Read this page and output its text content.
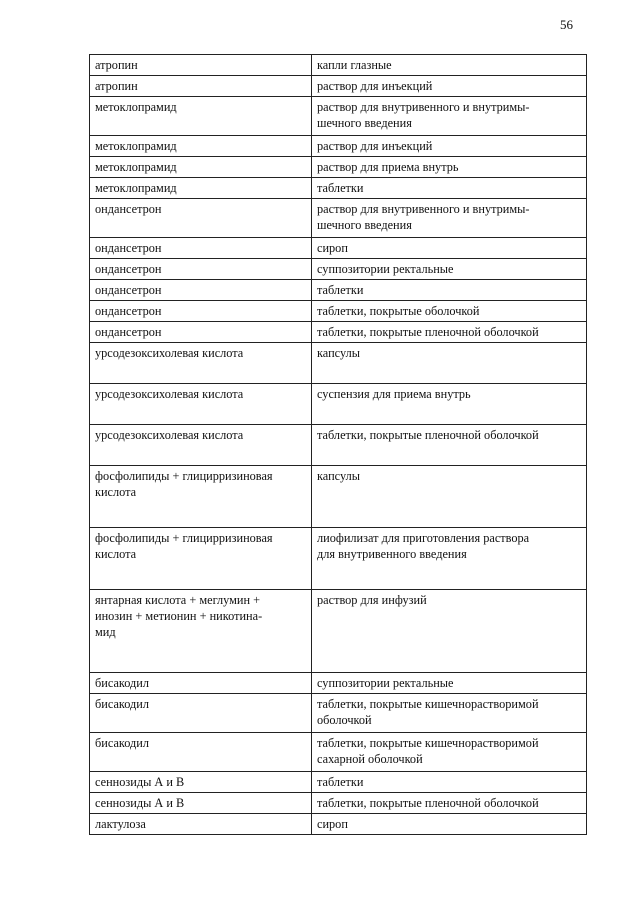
56
атропин	капли глазные
атропин	раствор для инъекций
метоклопрамид	раствор для внутривенного и внутримы-
шечного введения
метоклопрамид	раствор для инъекций
метоклопрамид	раствор для приема внутрь
метоклопрамид	таблетки
ондансетрон	раствор для внутривенного и внутримы-
шечного введения
ондансетрон	сироп
ондансетрон	суппозитории ректальные
ондансетрон	таблетки
ондансетрон	таблетки, покрытые оболочкой
ондансетрон	таблетки, покрытые пленочной оболочкой
урсодезоксихолевая кислота	капсулы
урсодезоксихолевая кислота	суспензия для приема внутрь
урсодезоксихолевая кислота	таблетки, покрытые пленочной оболочкой
фосфолипиды + глицирризиновая
кислота	капсулы
фосфолипиды + глицирризиновая
кислота	лиофилизат для приготовления раствора
для внутривенного введения
янтарная кислота + меглумин +
инозин + метионин + никотина-
мид	раствор для инфузий
бисакодил	суппозитории ректальные
бисакодил	таблетки, покрытые кишечнорастворимой
оболочкой
бисакодил	таблетки, покрытые кишечнорастворимой
сахарной оболочкой
сеннозиды А и В	таблетки
сеннозиды А и В	таблетки, покрытые пленочной оболочкой
лактулоза	сироп
